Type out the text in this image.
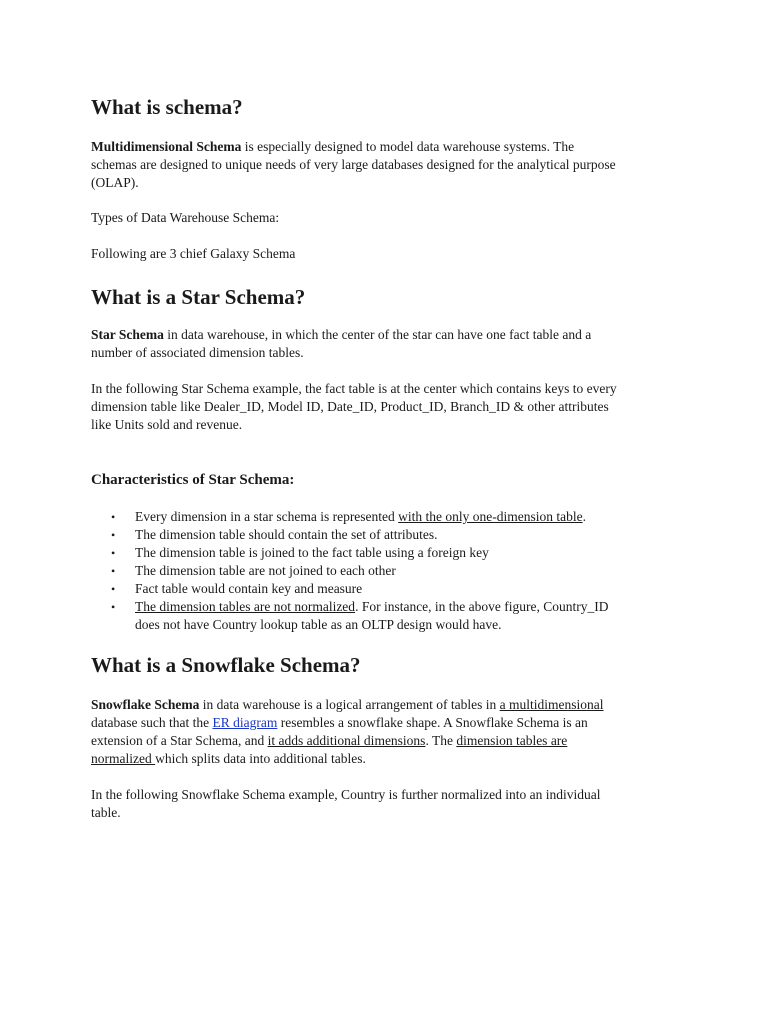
What is schema?

Multidimensional Schema is especially designed to model data warehouse systems. The
schemas are designed to unique needs of very large databases designed for the analytical purpose
(OLAP).

Types of Data Warehouse Schema:

Following are 3 chief Galaxy Schema

What is a Star Schema?

Star Schema in data warehouse, in which the center of the star can have one fact table and a
number of associated dimension tables.

In the following Star Schema example, the fact table is at the center which contains keys to every
dimension table like Dealer_ID, Model ID, Date_ID, Product_ID, Branch_ID & other attributes
like Units sold and revenue.

Characteristics of Star Schema:
• Every dimension in a star schema is represented with the only one-dimension table.
• The dimension table should contain the set of attributes.
• The dimension table is joined to the fact table using a foreign key
• The dimension table are not joined to each other
• Fact table would contain key and measure
• The dimension tables are not normalized. For instance, in the above figure, Country_ID
does not have Country lookup table as an OLTP design would have.
What is a Snowflake Schema?

Snowflake Schema in data warehouse is a logical arrangement of tables in a multidimensional
database such that the ER diagram resembles a snowflake shape. A Snowflake Schema is an
extension of a Star Schema, and it adds additional dimensions. The dimension tables are
normalized which splits data into additional tables.

In the following Snowflake Schema example, Country is further normalized into an individual
table.
